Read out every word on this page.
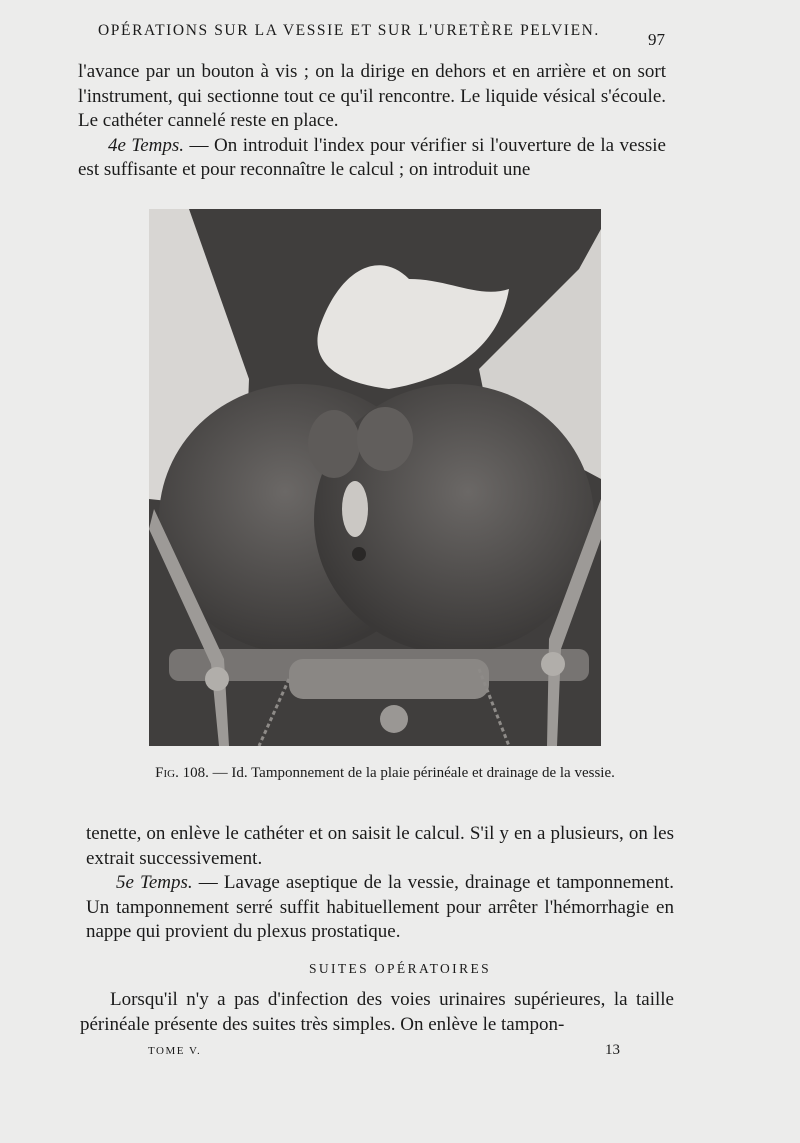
OPÉRATIONS SUR LA VESSIE ET SUR L'URETÈRE PELVIEN.	97

l'avance par un bouton à vis ; on la dirige en dehors et en arrière et on sort l'instrument, qui sectionne tout ce qu'il rencontre. Le liquide vésical s'écoule. Le cathéter cannelé reste en place.

4e Temps. — On introduit l'index pour vérifier si l'ouverture de la vessie est suffisante et pour reconnaître le calcul ; on introduit une

Fig. 108. — Id. Tamponnement de la plaie périnéale et drainage de la vessie.

tenette, on enlève le cathéter et on saisit le calcul. S'il y en a plusieurs, on les extrait successivement.

5e Temps. — Lavage aseptique de la vessie, drainage et tamponnement. Un tamponnement serré suffit habituellement pour arrêter l'hémorrhagie en nappe qui provient du plexus prostatique.

SUITES OPÉRATOIRES

Lorsqu'il n'y a pas d'infection des voies urinaires supérieures, la taille périnéale présente des suites très simples. On enlève le tampon-

TOME V.	13
